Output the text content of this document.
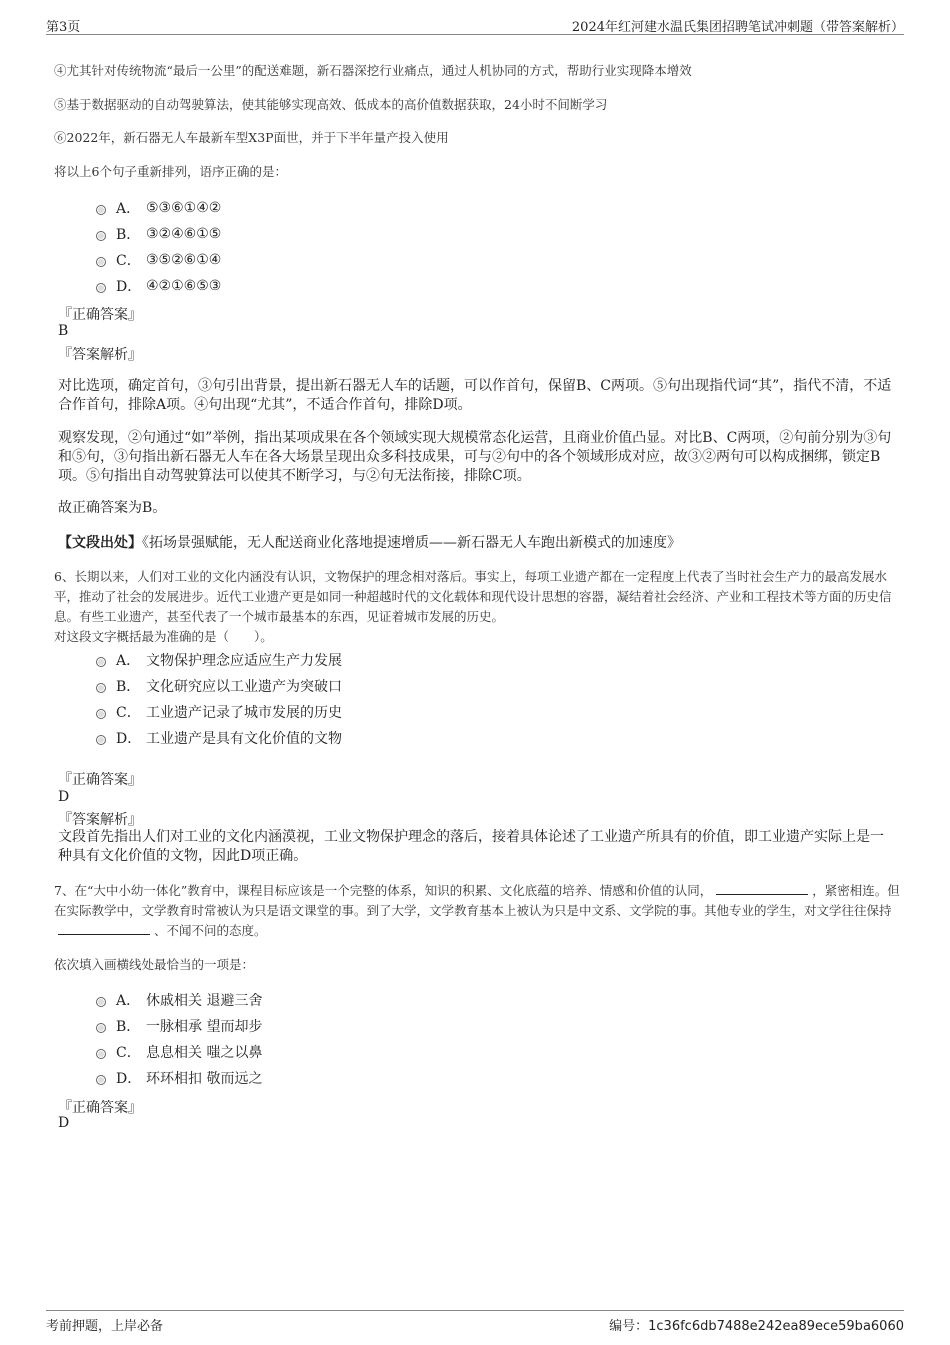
第3页	2024年红河建水温氏集团招聘笔试冲刺题（带答案解析）
④尤其针对传统物流“最后一公里”的配送难题，新石器深挖行业痛点，通过人机协同的方式，帮助行业实现降本增效
⑤基于数据驱动的自动驾驶算法，使其能够实现高效、低成本的高价值数据获取，24小时不间断学习
⑥2022年，新石器无人车最新车型X3P面世，并于下半年量产投入使用
将以上6个句子重新排列，语序正确的是：
A． ⑤③⑥①④②
B． ③②④⑥①⑤
C． ③⑤②⑥①④
D． ④②①⑥⑤③
『正确答案』
B
『答案解析』
对比选项，确定首句，③句引出背景，提出新石器无人车的话题，可以作首句，保留B、C两项。⑤句出现指代词“其”，指代不清，不适合作首句，排除A项。④句出现“尤其”，不适合作首句，排除D项。
观察发现，②句通过“如”举例，指出某项成果在各个领域实现大规模常态化运营，且商业价值凸显。对比B、C两项，②句前分别为③句和⑤句，③句指出新石器无人车在各大场景呈现出众多科技成果，可与②句中的各个领域形成对应，故③②两句可以构成捆绑，锁定B项。⑤句指出自动驾驶算法可以使其不断学习，与②句无法衔接，排除C项。
故正确答案为B。
【文段出处】《拓场景强赋能，无人配送商业化落地提速增质——新石器无人车跑出新模式的加速度》
6、长期以来，人们对工业的文化内涵没有认识，文物保护的理念相对落后。事实上，每项工业遗产都在一定程度上代表了当时社会生产力的最高发展水平，推动了社会的发展进步。近代工业遗产更是如同一种超越时代的文化载体和现代设计思想的容器，凝结着社会经济、产业和工程技术等方面的历史信息。有些工业遗产，甚至代表了一个城市最基本的东西，见证着城市发展的历史。
对这段文字概括最为准确的是（　　）。
A． 文物保护理念应适应生产力发展
B． 文化研究应以工业遗产为突破口
C． 工业遗产记录了城市发展的历史
D． 工业遗产是具有文化价值的文物
『正确答案』
D
『答案解析』
文段首先指出人们对工业的文化内涵漠视，工业文物保护理念的落后，接着具体论述了工业遗产所具有的价值，即工业遗产实际上是一种具有文化价值的文物，因此D项正确。
7、在“大中小幼一体化”教育中，课程目标应该是一个完整的体系，知识的积累、文化底蕴的培养、情感和价值的认同，	，紧密相连。但在实际教学中，文学教育时常被认为只是语文课堂的事。到了大学，文学教育基本上被认为只是中文系、文学院的事。其他专业的学生，对文学往往保持、不闻不问的态度。
依次填入画横线处最恰当的一项是：
A． 休戚相关 退避三舍
B． 一脉相承 望而却步
C． 息息相关 嗤之以鼻
D． 环环相扣 敬而远之
『正确答案』
D
考前押题，上岸必备	编号：1c36fc6db7488e242ea89ece59ba6060
